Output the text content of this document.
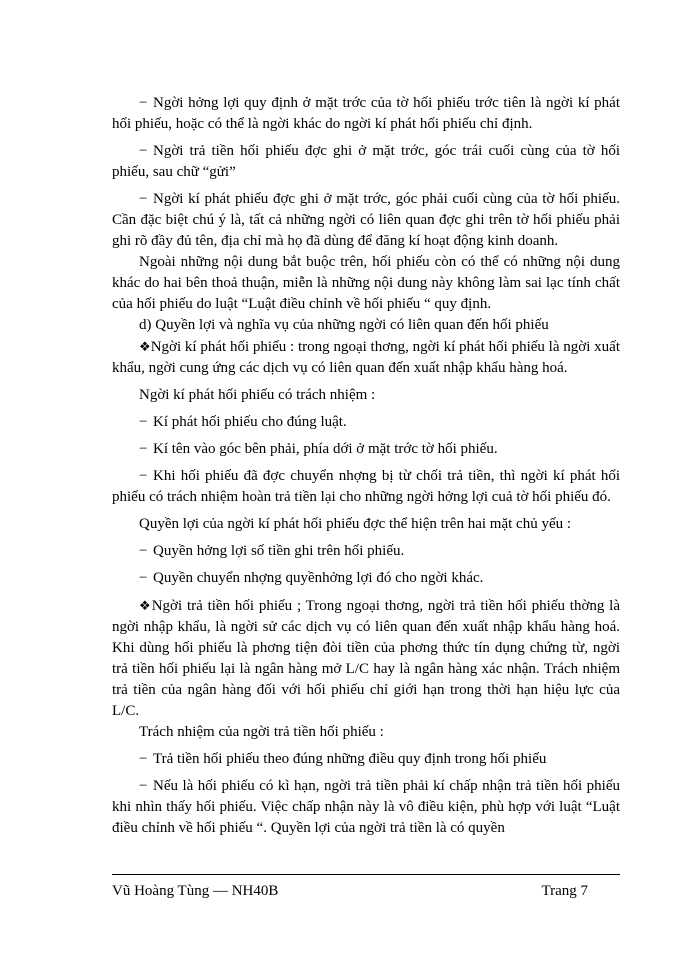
− Ngời hởng lợi quy định ở mặt trớc của tờ hối phiếu trớc tiên là ngời kí phát hối phiếu, hoặc có thể là ngời khác do ngời kí phát hối phiếu chỉ định.

− Ngời trả tiền hối phiếu đợc ghi ở mặt trớc, góc trái cuối cùng của tờ hối phiếu, sau chữ “gửi”

− Ngời kí phát phiếu đợc ghi ở mặt trớc, góc phải cuối cùng của tờ hối phiếu. Cần đặc biệt chú ý là, tất cả những ngời có liên quan đợc ghi trên tờ hối phiếu phải ghi rõ đầy đủ tên, địa chỉ mà họ đã dùng để đăng kí hoạt động kinh doanh.

Ngoài những nội dung bắt buộc trên, hối phiếu còn có thể có những nội dung khác do hai bên thoả thuận, miễn là những nội dung này không làm sai lạc tính chất của hối phiếu do luật “Luật điều chỉnh về hối phiếu “ quy định.

d) Quyền lợi và nghĩa vụ của những ngời có liên quan đến hối phiếu

❖Ngời kí phát hối phiếu : trong ngoại thơng, ngời kí phát hối phiếu là ngời xuất khẩu, ngời cung ứng các dịch vụ có liên quan đến xuất nhập khẩu hàng hoá.

Ngời kí phát hối phiếu có trách nhiệm :

− Kí phát hối phiếu cho đúng luật.

− Kí tên vào góc bên phải, phía dới ở mặt trớc tờ hối phiếu.

− Khi hối phiếu đã đợc chuyển nhợng bị từ chối trả tiền, thì ngời kí phát hối phiếu có trách nhiệm hoàn trả tiền lại cho những ngời hởng lợi cuả tờ hối phiếu đó.

Quyền lợi của ngời kí phát hối phiếu đợc thể hiện trên hai mặt chủ yếu :

− Quyền hởng lợi số tiền ghi trên hối phiếu.

− Quyền chuyển nhợng quyềnhởng lợi đó cho ngời khác.

❖Ngời trả tiền hối phiếu ; Trong ngoại thơng, ngời trả tiền hối phiếu thờng là ngời nhập khẩu, là ngời sử các dịch vụ có liên quan đến xuất nhập khẩu hàng hoá. Khi dùng hối phiếu là phơng tiện đòi tiền của phơng thức tín dụng chứng từ, ngời trả tiền hối phiếu lại là ngân hàng mở L/C hay là ngân hàng xác nhận. Trách nhiệm trả tiền của ngân hàng đối với hối phiếu chỉ giới hạn trong thời hạn hiệu lực của L/C.

Trách nhiệm của ngời trả tiền hối phiếu :

− Trả tiền hối phiếu theo đúng những điều quy định trong hối phiếu

− Nếu là hối phiếu có kì hạn, ngời trả tiền phải kí chấp nhận trả tiền hối phiếu khi nhìn thấy hối phiếu. Việc chấp nhận này là vô điều kiện, phù hợp với luật “Luật điều chỉnh về hối phiếu “. Quyền lợi của ngời trả tiền là có quyền

Vũ Hoàng Tùng — NH40B	Trang 7
